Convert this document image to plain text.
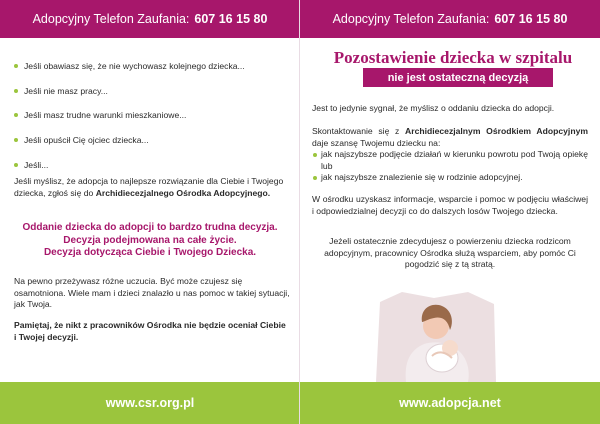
Adopcyjny Telefon Zaufania: 607 16 15 80
Jeśli obawiasz się, że nie wychowasz kolejnego dziecka...
Jeśli nie masz pracy...
Jeśli masz trudne warunki mieszkaniowe...
Jeśli opuścił Cię ojciec dziecka...
Jeśli...

Jeśli myślisz, że adopcja to najlepsze rozwiązanie dla Ciebie i Twojego dziecka, zgłoś się do Archidiecezjalnego Ośrodka Adopcyjnego.

Oddanie dziecka do adopcji to bardzo trudna decyzja.
Decyzja podejmowana na całe życie.
Decyzja dotycząca Ciebie i Twojego Dziecka.

Na pewno przeżywasz różne uczucia. Być może czujesz się osamotniona. Wiele mam i dzieci znalazło u nas pomoc w takiej sytuacji, jak Twoja.

Pamiętaj, że nikt z pracowników Ośrodka nie będzie oceniał Ciebie i Twojej decyzji.

www.csr.org.pl
Adopcyjny Telefon Zaufania: 607 16 15 80
www.adopcja.net
Pozostawienie dziecka w szpitalu
nie jest ostateczną decyzją

Jest to jedynie sygnał, że myślisz o oddaniu dziecka do adopcji.

Skontaktowanie się z Archidiecezjalnym Ośrodkiem Adopcyjnym daje szansę Twojemu dziecku na:
jak najszybsze podjęcie działań w kierunku powrotu pod Twoją opiekę lub
jak najszybsze znalezienie się w rodzinie adopcyjnej.

W ośrodku uzyskasz informacje, wsparcie i pomoc w podjęciu właściwej i odpowiedzialnej decyzji co do dalszych losów Twojego dziecka.

Jeżeli ostatecznie zdecydujesz o powierzeniu dziecka rodzicom adopcyjnym, pracownicy Ośrodka służą wsparciem, aby pomóc Ci pogodzić się z tą stratą.
